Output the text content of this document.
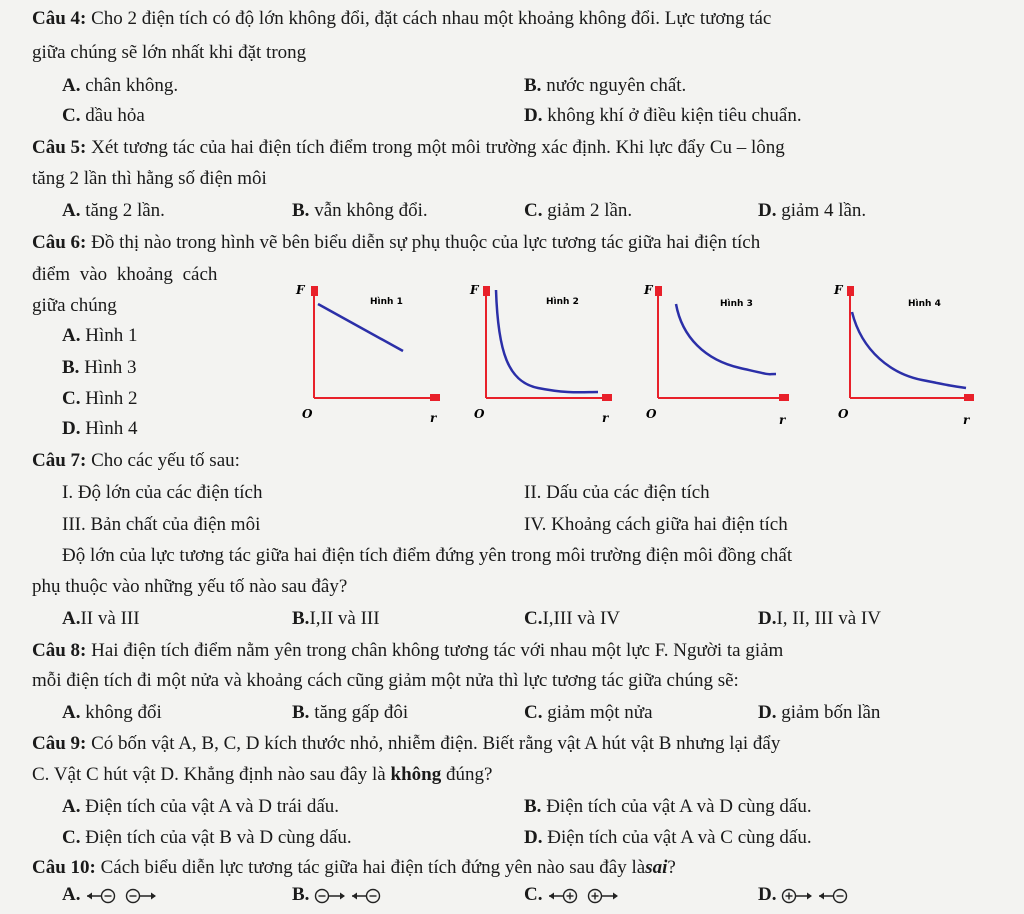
Câu 4: Cho 2 điện tích có độ lớn không đổi, đặt cách nhau một khoảng không đổi. Lực tương tác
giữa chúng sẽ lớn nhất khi đặt trong
A. chân không.	B. nước nguyên chất.
C. dầu hỏa	D. không khí ở điều kiện tiêu chuẩn.
Câu 5: Xét tương tác của hai điện tích điểm trong một môi trường xác định. Khi lực đẩy Cu – lông
tăng 2 lần thì hằng số điện môi
A. tăng 2 lần.	B. vẫn không đổi.	C. giảm 2 lần.	D. giảm 4 lần.
Câu 6: Đồ thị nào trong hình vẽ bên biểu diễn sự phụ thuộc của lực tương tác giữa hai điện tích
điểm vào khoảng cách
giữa chúng
A. Hình 1
B. Hình 3
C. Hình 2
D. Hình 4
F
Hình 1
O	r
F
Hình 2
O	r
F
Hình 3
O	r
F
Hình 4
O	r
Câu 7: Cho các yếu tố sau:
I. Độ lớn của các điện tích	II. Dấu của các điện tích
III. Bản chất của điện môi	IV. Khoảng cách giữa hai điện tích
Độ lớn của lực tương tác giữa hai điện tích điểm đứng yên trong môi trường điện môi đồng chất
phụ thuộc vào những yếu tố nào sau đây?
A.II và III	B.I,II và III	C.I,III và IV	D.I, II, III và IV
Câu 8: Hai điện tích điểm nằm yên trong chân không tương tác với nhau một lực F. Người ta giảm
mỗi điện tích đi một nửa và khoảng cách cũng giảm một nửa thì lực tương tác giữa chúng sẽ:
A. không đổi	B. tăng gấp đôi	C. giảm một nửa	D. giảm bốn lần
Câu 9: Có bốn vật A, B, C, D kích thước nhỏ, nhiễm điện. Biết rằng vật A hút vật B nhưng lại đẩy
C. Vật C hút vật D. Khẳng định nào sau đây là không đúng?
A. Điện tích của vật A và D trái dấu.	B. Điện tích của vật A và D cùng dấu.
C. Điện tích của vật B và D cùng dấu.	D. Điện tích của vật A và C cùng dấu.
Câu 10: Cách biểu diễn lực tương tác giữa hai điện tích đứng yên nào sau đây làsai?
A.	B.	C.	D.
